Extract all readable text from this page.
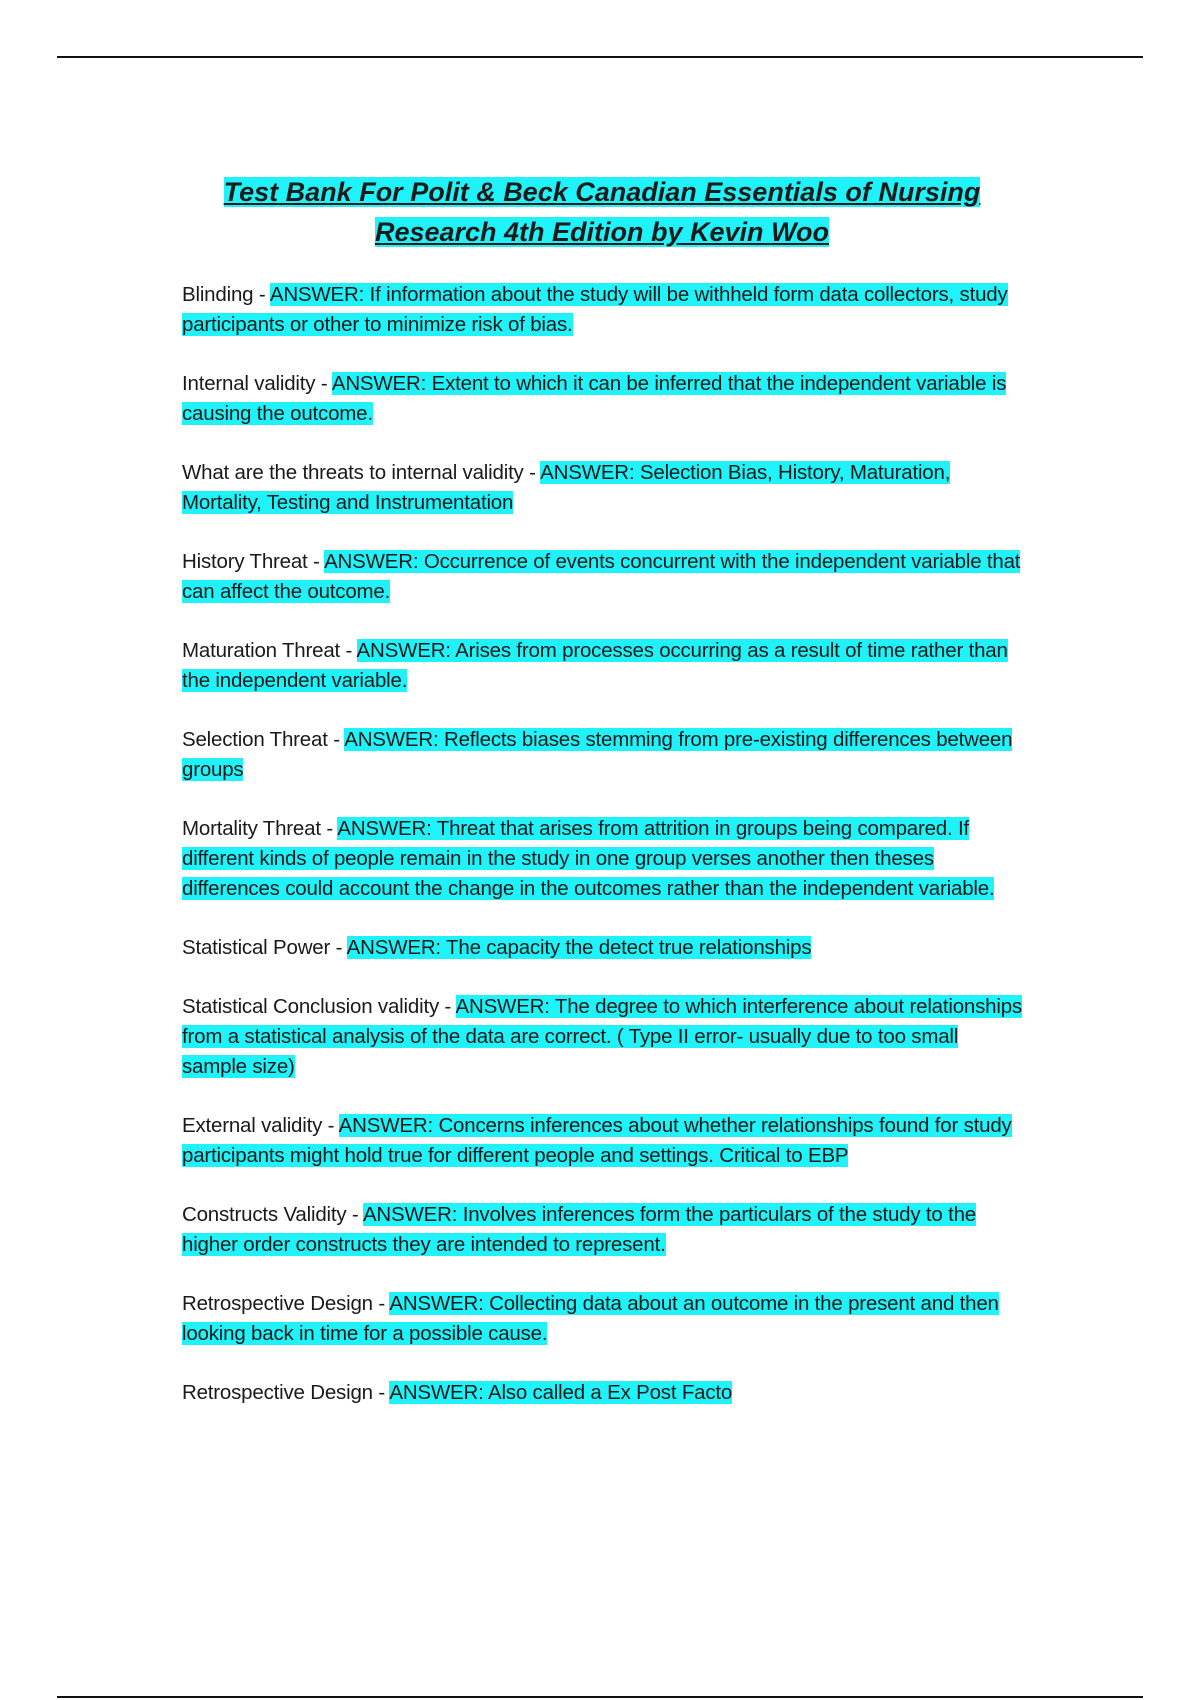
Test Bank For Polit & Beck Canadian Essentials of Nursing
Research 4th Edition by Kevin Woo

Blinding - ANSWER: If information about the study will be withheld form data collectors, study participants or other to minimize risk of bias.

Internal validity - ANSWER: Extent to which it can be inferred that the independent variable is causing the outcome.

What are the threats to internal validity - ANSWER: Selection Bias, History, Maturation, Mortality, Testing and Instrumentation

History Threat - ANSWER: Occurrence of events concurrent with the independent variable that can affect the outcome.

Maturation Threat - ANSWER: Arises from processes occurring as a result of time rather than the independent variable.

Selection Threat - ANSWER: Reflects biases stemming from pre-existing differences between groups

Mortality Threat - ANSWER: Threat that arises from attrition in groups being compared. If different kinds of people remain in the study in one group verses another then theses differences could account the change in the outcomes rather than the independent variable.

Statistical Power - ANSWER: The capacity the detect true relationships

Statistical Conclusion validity - ANSWER: The degree to which interference about relationships from a statistical analysis of the data are correct. ( Type II error- usually due to too small sample size)

External validity - ANSWER: Concerns inferences about whether relationships found for study participants might hold true for different people and settings. Critical to EBP

Constructs Validity - ANSWER: Involves inferences form the particulars of the study to the higher order constructs they are intended to represent.

Retrospective Design - ANSWER: Collecting data about an outcome in the present and then looking back in time for a possible cause.

Retrospective Design - ANSWER: Also called a Ex Post Facto
